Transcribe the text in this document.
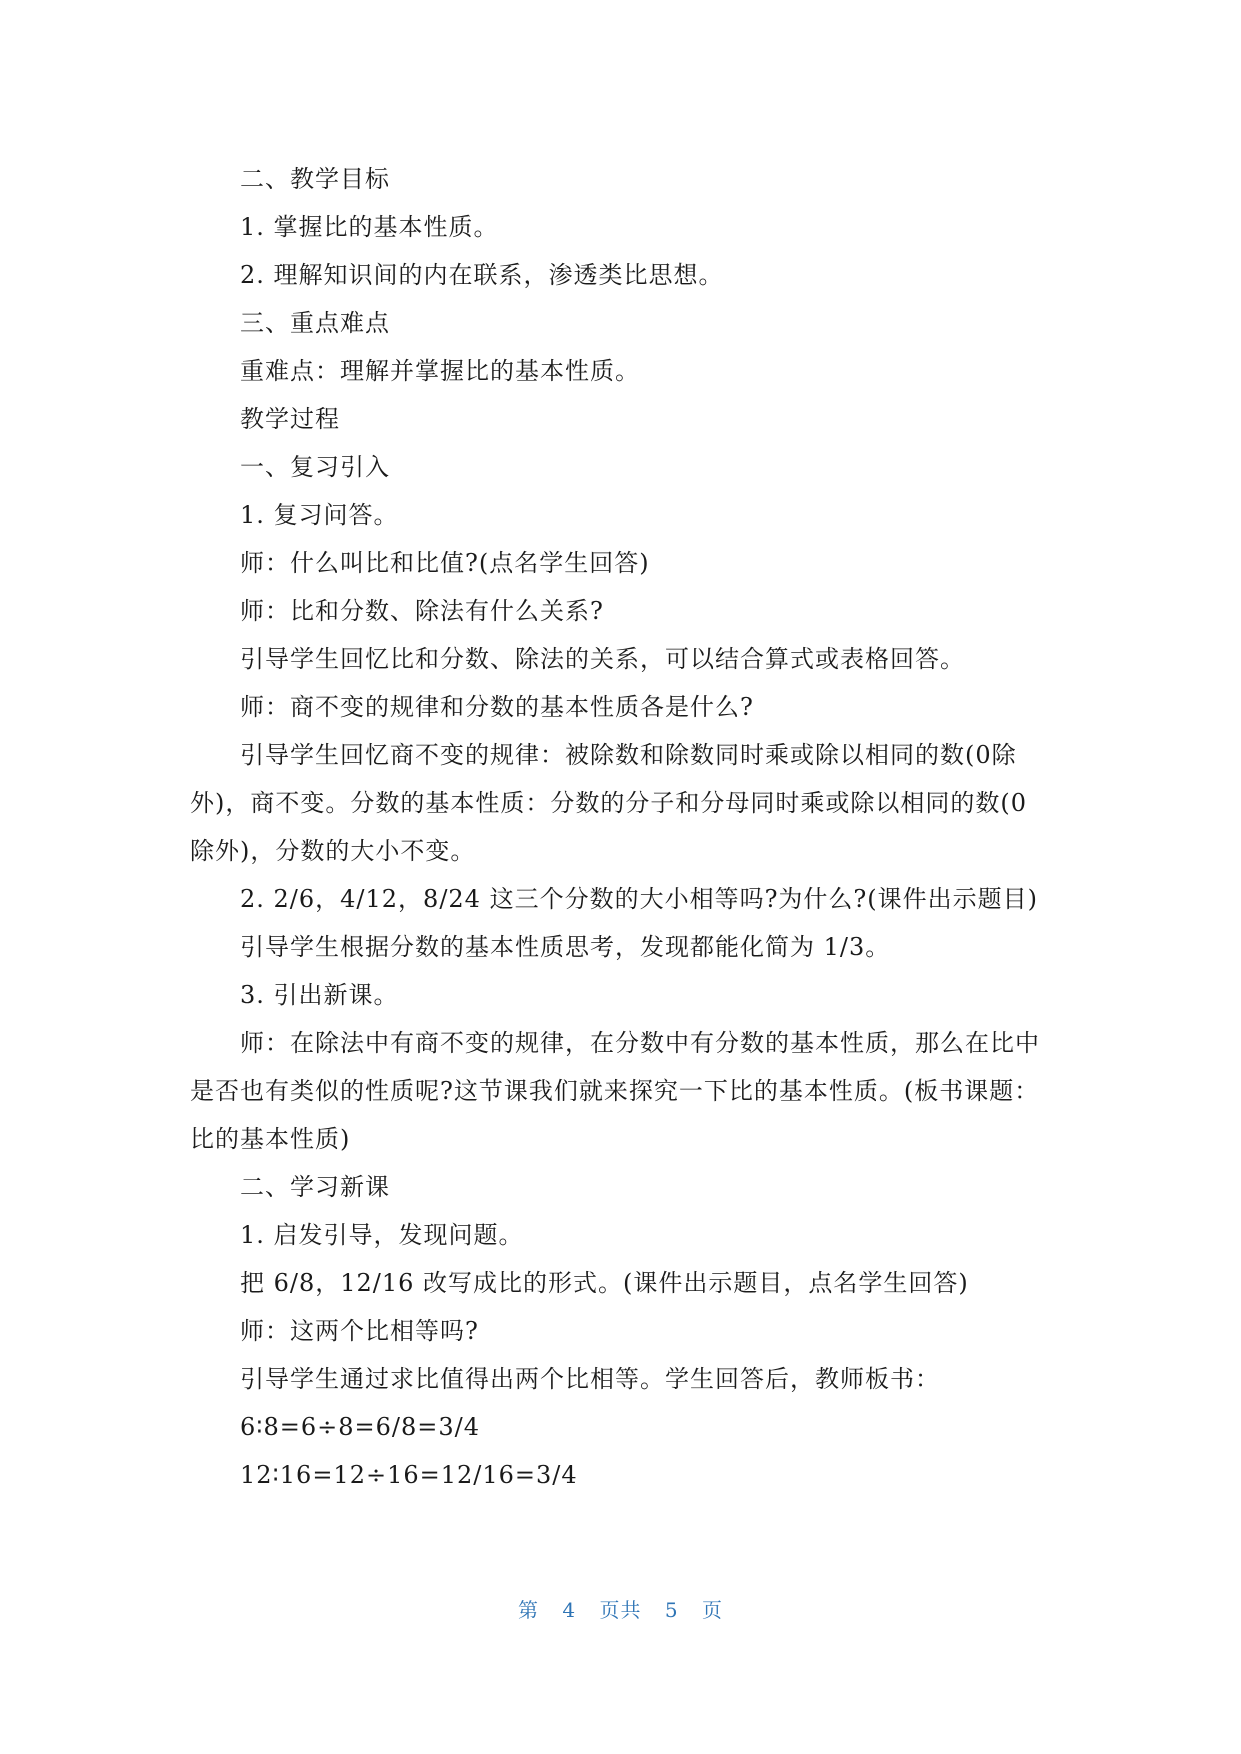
二、教学目标

1. 掌握比的基本性质。

2. 理解知识间的内在联系，渗透类比思想。

三、重点难点

重难点：理解并掌握比的基本性质。

教学过程

一、复习引入

1. 复习问答。

师：什么叫比和比值?(点名学生回答)

师：比和分数、除法有什么关系?

引导学生回忆比和分数、除法的关系，可以结合算式或表格回答。

师：商不变的规律和分数的基本性质各是什么?

引导学生回忆商不变的规律：被除数和除数同时乘或除以相同的数(0除外)，商不变。分数的基本性质：分数的分子和分母同时乘或除以相同的数(0除外)，分数的大小不变。

2. 2/6，4/12，8/24 这三个分数的大小相等吗?为什么?(课件出示题目)

引导学生根据分数的基本性质思考，发现都能化简为 1/3。

3. 引出新课。

师：在除法中有商不变的规律，在分数中有分数的基本性质，那么在比中是否也有类似的性质呢?这节课我们就来探究一下比的基本性质。(板书课题：比的基本性质)

二、学习新课

1. 启发引导，发现问题。

把 6/8，12/16 改写成比的形式。(课件出示题目，点名学生回答)

师：这两个比相等吗?

引导学生通过求比值得出两个比相等。学生回答后，教师板书：

6∶8=6÷8=6/8=3/4

12∶16=12÷16=12/16=3/4

第 4 页共 5 页
